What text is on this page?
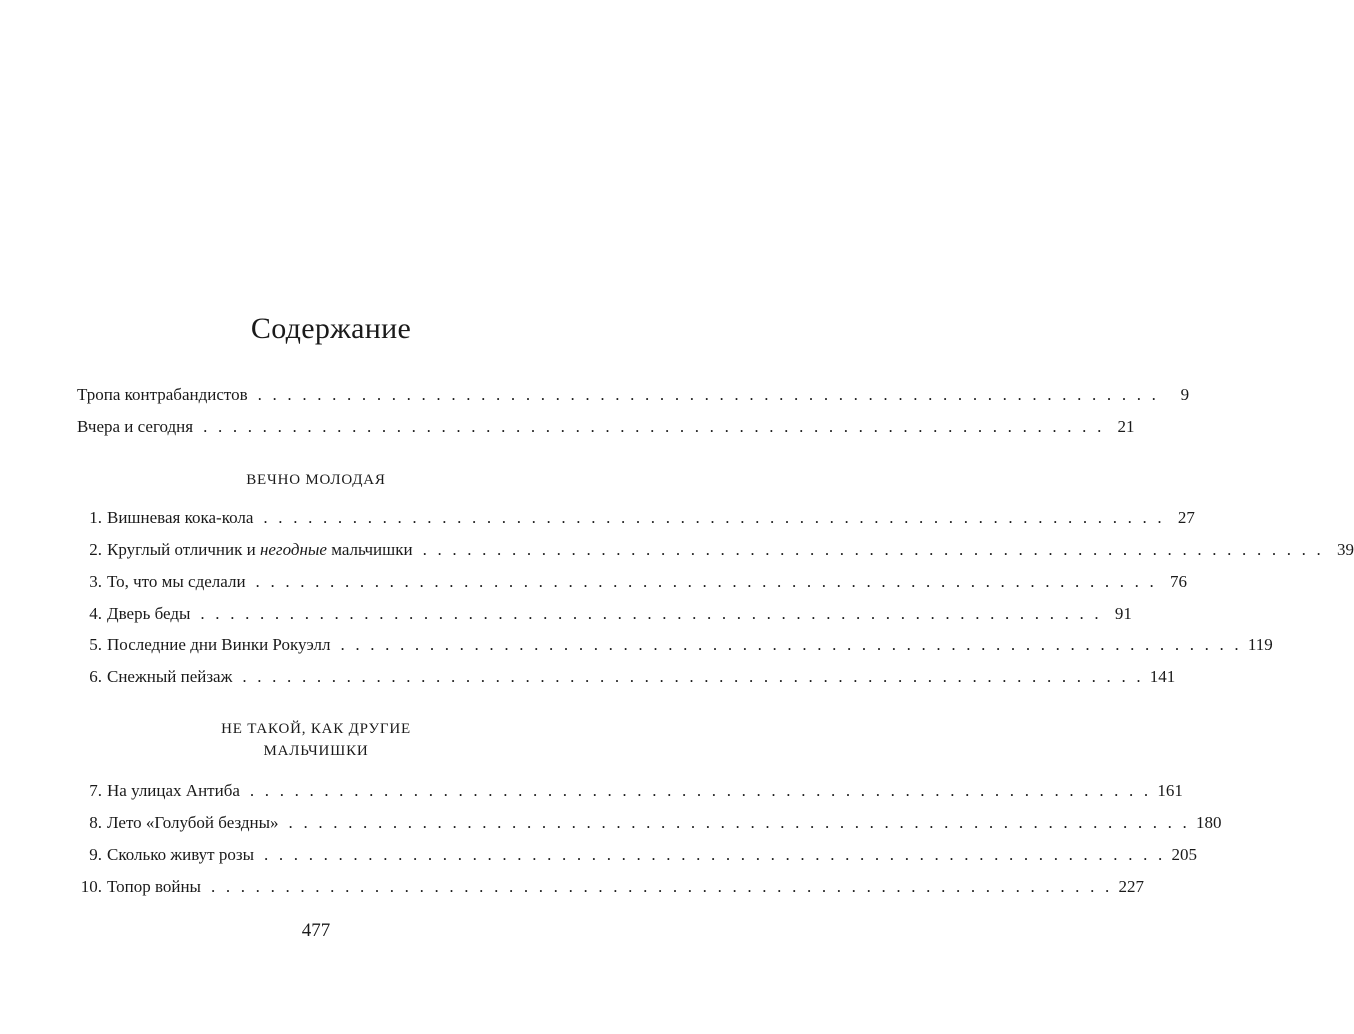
Содержание
Тропа контрабандистов . . . . . . . . . . . . . . . . . . . . . . . . . . . . . . . . . . . . . . . . . . . . . . . . . . . . . . . . . . . . .	9
Вчера и сегодня . . . . . . . . . . . . . . . . . . . . . . . . . . . . . . . . . . . . . . . . . . . . . . . . . . . . . . . . . . . . . 21
ВЕЧНО МОЛОДАЯ
1. Вишневая кока-кола . . . . . . . . . . . . . . . . . . . . . . . . . . . . . . . . . . . . . . . . . . . . . . . . . . . . . . . . . . . . . 27
2. Круглый отличник и негодные мальчишки . . . . . . . . . . . . . . . . . . . . . . . . . . . . . . . . . . . . . . . . . . . . . . . . . . . . . . . . . . . . . 39
3. То, что мы сделали . . . . . . . . . . . . . . . . . . . . . . . . . . . . . . . . . . . . . . . . . . . . . . . . . . . . . . . . . . . . . 76
4. Дверь беды . . . . . . . . . . . . . . . . . . . . . . . . . . . . . . . . . . . . . . . . . . . . . . . . . . . . . . . . . . . . . 91
5. Последние дни Винки Рокуэлл . . . . . . . . . . . . . . . . . . . . . . . . . . . . . . . . . . . . . . . . . . . . . . . . . . . . . . . . . . . . . 119
6. Снежный пейзаж . . . . . . . . . . . . . . . . . . . . . . . . . . . . . . . . . . . . . . . . . . . . . . . . . . . . . . . . . . . . . 141
НЕ ТАКОЙ, КАК ДРУГИЕ
МАЛЬЧИШКИ
7. На улицах Антиба . . . . . . . . . . . . . . . . . . . . . . . . . . . . . . . . . . . . . . . . . . . . . . . . . . . . . . . . . . . . . 161
8. Лето «Голубой бездны» . . . . . . . . . . . . . . . . . . . . . . . . . . . . . . . . . . . . . . . . . . . . . . . . . . . . . . . . . . . . . 180
9. Сколько живут розы . . . . . . . . . . . . . . . . . . . . . . . . . . . . . . . . . . . . . . . . . . . . . . . . . . . . . . . . . . . . . 205
10. Топор войны . . . . . . . . . . . . . . . . . . . . . . . . . . . . . . . . . . . . . . . . . . . . . . . . . . . . . . . . . . . . . 227
477
